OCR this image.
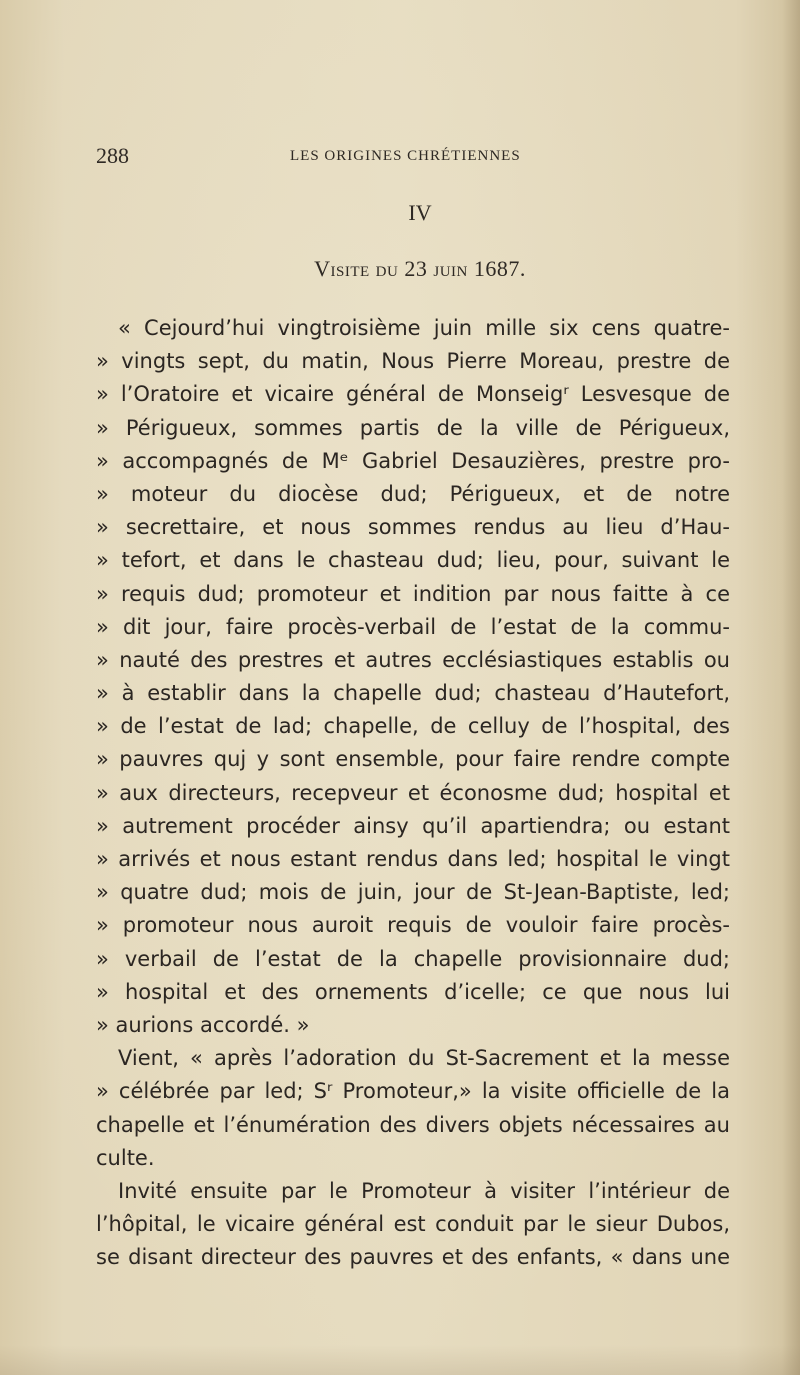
288	LES ORIGINES CHRÉTIENNES
IV
Visite du 23 juin 1687.
« Cejourd’hui vingtroisième juin mille six cens quatre-
» vingts sept, du matin, Nous Pierre Moreau, prestre de
» l’Oratoire et vicaire général de Monseigʳ Lesvesque de
» Périgueux, sommes partis de la ville de Périgueux,
» accompagnés de Mᵉ Gabriel Desauzières, prestre pro-
» moteur du diocèse dud; Périgueux, et de notre
» secrettaire, et nous sommes rendus au lieu d’Hau-
» tefort, et dans le chasteau dud; lieu, pour, suivant le
» requis dud; promoteur et indition par nous faitte à ce
» dit jour, faire procès-verbail de l’estat de la commu-
» nauté des prestres et autres ecclésiastiques establis ou
» à establir dans la chapelle dud; chasteau d’Hautefort,
» de l’estat de lad; chapelle, de celluy de l’hospital, des
» pauvres quj y sont ensemble, pour faire rendre compte
» aux directeurs, recepveur et éconosme dud; hospital et
» autrement procéder ainsy qu’il apartiendra; ou estant
» arrivés et nous estant rendus dans led; hospital le vingt
» quatre dud; mois de juin, jour de St-Jean-Baptiste, led;
» promoteur nous auroit requis de vouloir faire procès-
» verbail de l’estat de la chapelle provisionnaire dud;
» hospital et des ornements d’icelle; ce que nous lui
» aurions accordé. »
Vient, « après l’adoration du St-Sacrement et la messe
» célébrée par led; Sʳ Promoteur,» la visite officielle de la
chapelle et l’énumération des divers objets nécessaires au
culte.
Invité ensuite par le Promoteur à visiter l’intérieur de
l’hôpital, le vicaire général est conduit par le sieur Dubos,
se disant directeur des pauvres et des enfants, « dans une
